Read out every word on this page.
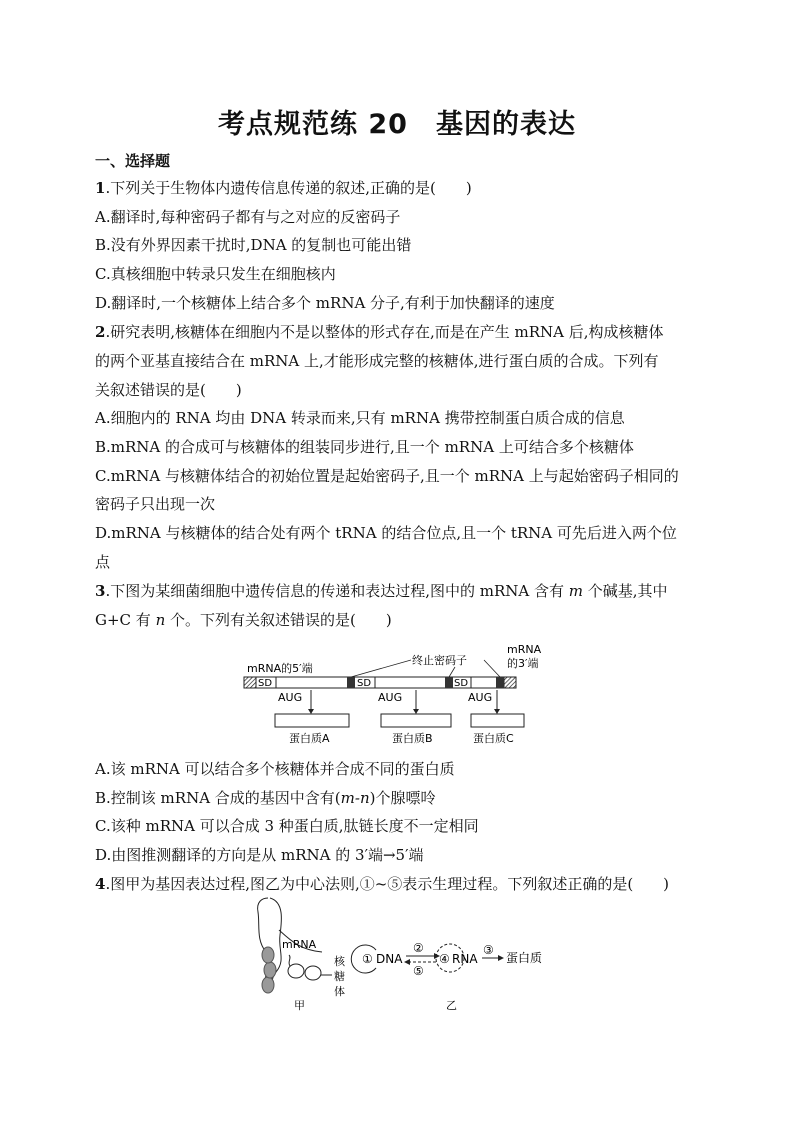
考点规范练 20　基因的表达
一、选择题
1.下列关于生物体内遗传信息传递的叙述,正确的是(　　)
A.翻译时,每种密码子都有与之对应的反密码子
B.没有外界因素干扰时,DNA 的复制也可能出错
C.真核细胞中转录只发生在细胞核内
D.翻译时,一个核糖体上结合多个 mRNA 分子,有利于加快翻译的速度
2.研究表明,核糖体在细胞内不是以整体的形式存在,而是在产生 mRNA 后,构成核糖体
的两个亚基直接结合在 mRNA 上,才能形成完整的核糖体,进行蛋白质的合成。下列有
关叙述错误的是(　　)
A.细胞内的 RNA 均由 DNA 转录而来,只有 mRNA 携带控制蛋白质合成的信息
B.mRNA 的合成可与核糖体的组装同步进行,且一个 mRNA 上可结合多个核糖体
C.mRNA 与核糖体结合的初始位置是起始密码子,且一个 mRNA 上与起始密码子相同的
密码子只出现一次
D.mRNA 与核糖体的结合处有两个 tRNA 的结合位点,且一个 tRNA 可先后进入两个位
点
3.下图为某细菌细胞中遗传信息的传递和表达过程,图中的 mRNA 含有 m 个碱基,其中
G+C 有 n 个。下列有关叙述错误的是(　　)
SD	SD	SD
mRNA的5′端
终止密码子
mRNA
的3′端
AUG	AUG	AUG
蛋白质A	蛋白质B	蛋白质C
A.该 mRNA 可以结合多个核糖体并合成不同的蛋白质
B.控制该 mRNA 合成的基因中含有(m-n)个腺嘌呤
C.该种 mRNA 可以合成 3 种蛋白质,肽链长度不一定相同
D.由图推测翻译的方向是从 mRNA 的 3′端→5′端
4.图甲为基因表达过程,图乙为中心法则,①~⑤表示生理过程。下列叙述正确的是(　　)
mRNA
核
糖
体
甲
① DNA
②
⑤
④ RNA
③
蛋白质
乙
